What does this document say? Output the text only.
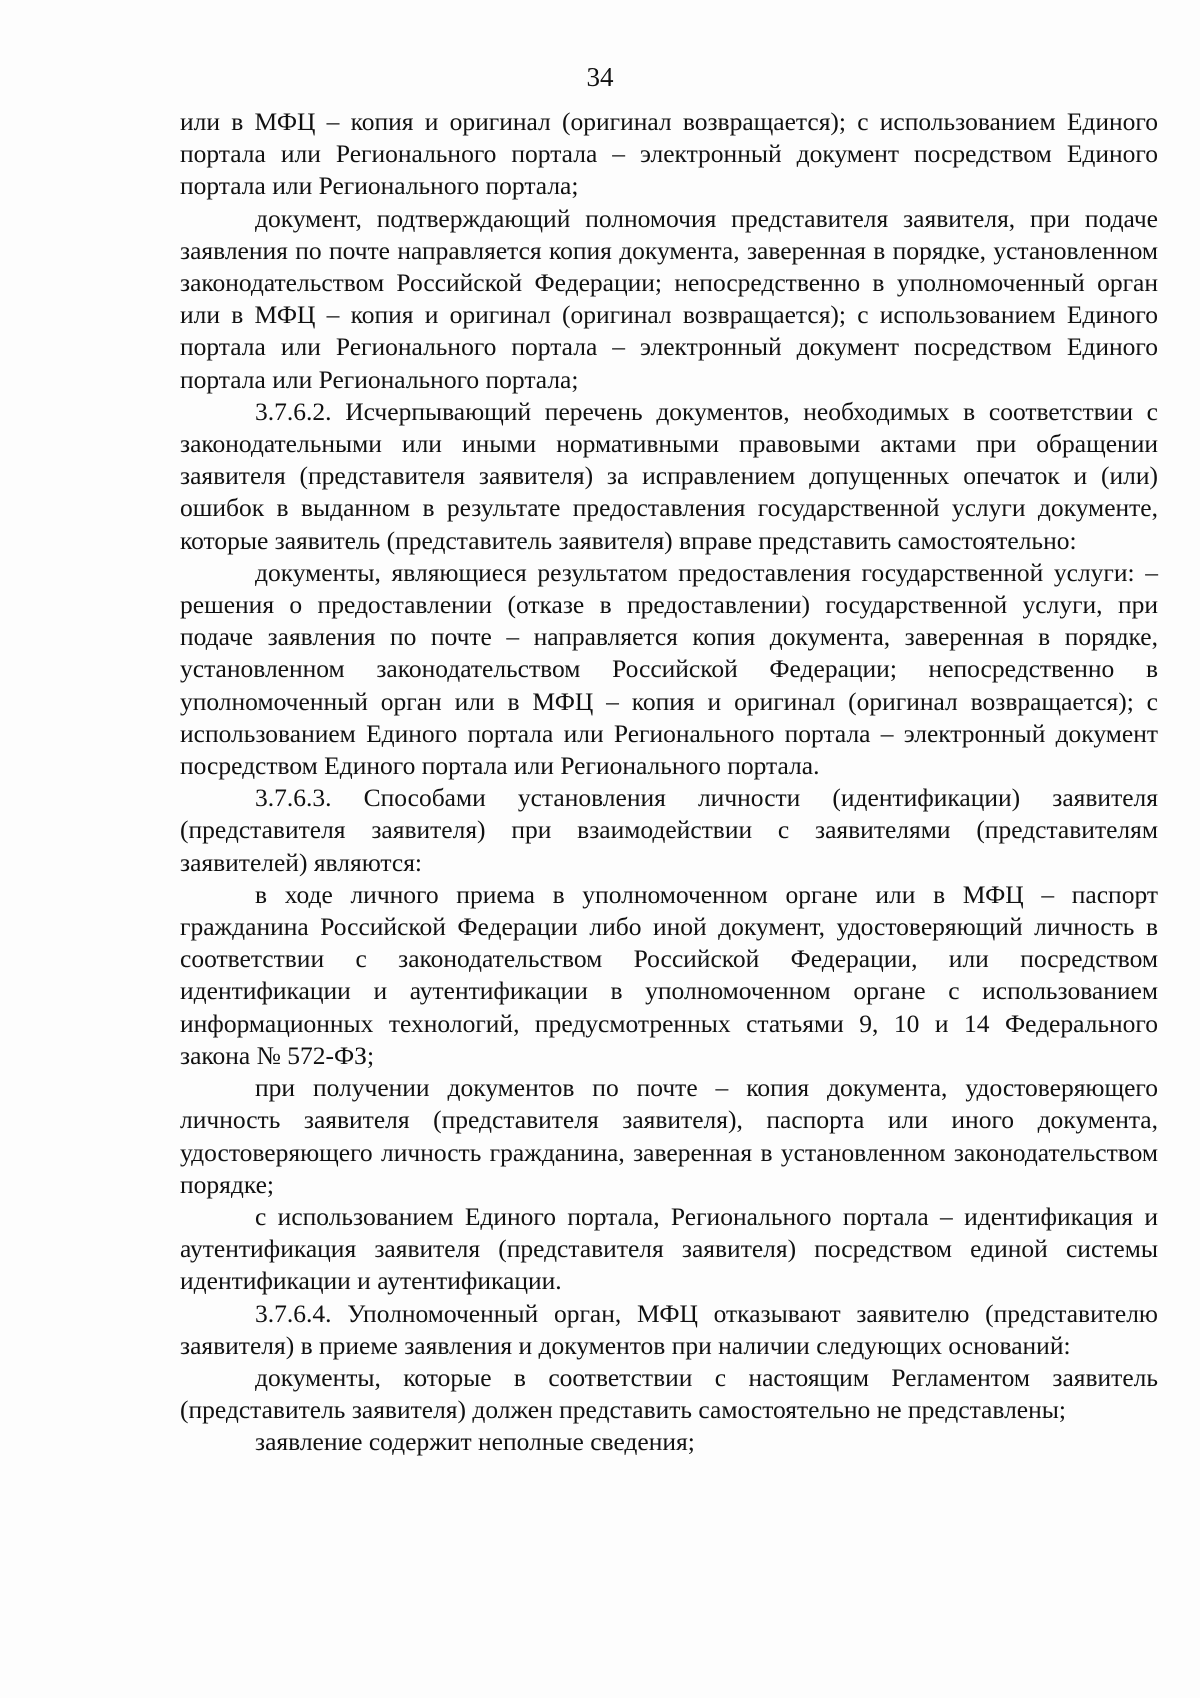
34

или в МФЦ – копия и оригинал (оригинал возвращается); с использованием Единого портала или Регионального портала – электронный документ посредством Единого портала или Регионального портала;

документ, подтверждающий полномочия представителя заявителя, при подаче заявления по почте направляется копия документа, заверенная в порядке, установленном законодательством Российской Федерации; непосредственно в уполномоченный орган или в МФЦ – копия и оригинал (оригинал возвращается); с использованием Единого портала или Регионального портала – электронный документ посредством Единого портала или Регионального портала;

3.7.6.2. Исчерпывающий перечень документов, необходимых в соответствии с законодательными или иными нормативными правовыми актами при обращении заявителя (представителя заявителя) за исправлением допущенных опечаток и (или) ошибок в выданном в результате предоставления государственной услуги документе, которые заявитель (представитель заявителя) вправе представить самостоятельно:

документы, являющиеся результатом предоставления государственной услуги: – решения о предоставлении (отказе в предоставлении) государственной услуги, при подаче заявления по почте – направляется копия документа, заверенная в порядке, установленном законодательством Российской Федерации; непосредственно в уполномоченный орган или в МФЦ – копия и оригинал (оригинал возвращается); с использованием Единого портала или Регионального портала – электронный документ посредством Единого портала или Регионального портала.

3.7.6.3. Способами установления личности (идентификации) заявителя (представителя заявителя) при взаимодействии с заявителями (представителям заявителей) являются:

в ходе личного приема в уполномоченном органе или в МФЦ – паспорт гражданина Российской Федерации либо иной документ, удостоверяющий личность в соответствии с законодательством Российской Федерации, или посредством идентификации и аутентификации в уполномоченном органе с использованием информационных технологий, предусмотренных статьями 9, 10 и 14 Федерального закона № 572-ФЗ;

при получении документов по почте – копия документа, удостоверяющего личность заявителя (представителя заявителя), паспорта или иного документа, удостоверяющего личность гражданина, заверенная в установленном законодательством порядке;

с использованием Единого портала, Регионального портала – идентификация и аутентификация заявителя (представителя заявителя) посредством единой системы идентификации и аутентификации.

3.7.6.4. Уполномоченный орган, МФЦ отказывают заявителю (представителю заявителя) в приеме заявления и документов при наличии следующих оснований:

документы, которые в соответствии с настоящим Регламентом заявитель (представитель заявителя) должен представить самостоятельно не представлены;

заявление содержит неполные сведения;
